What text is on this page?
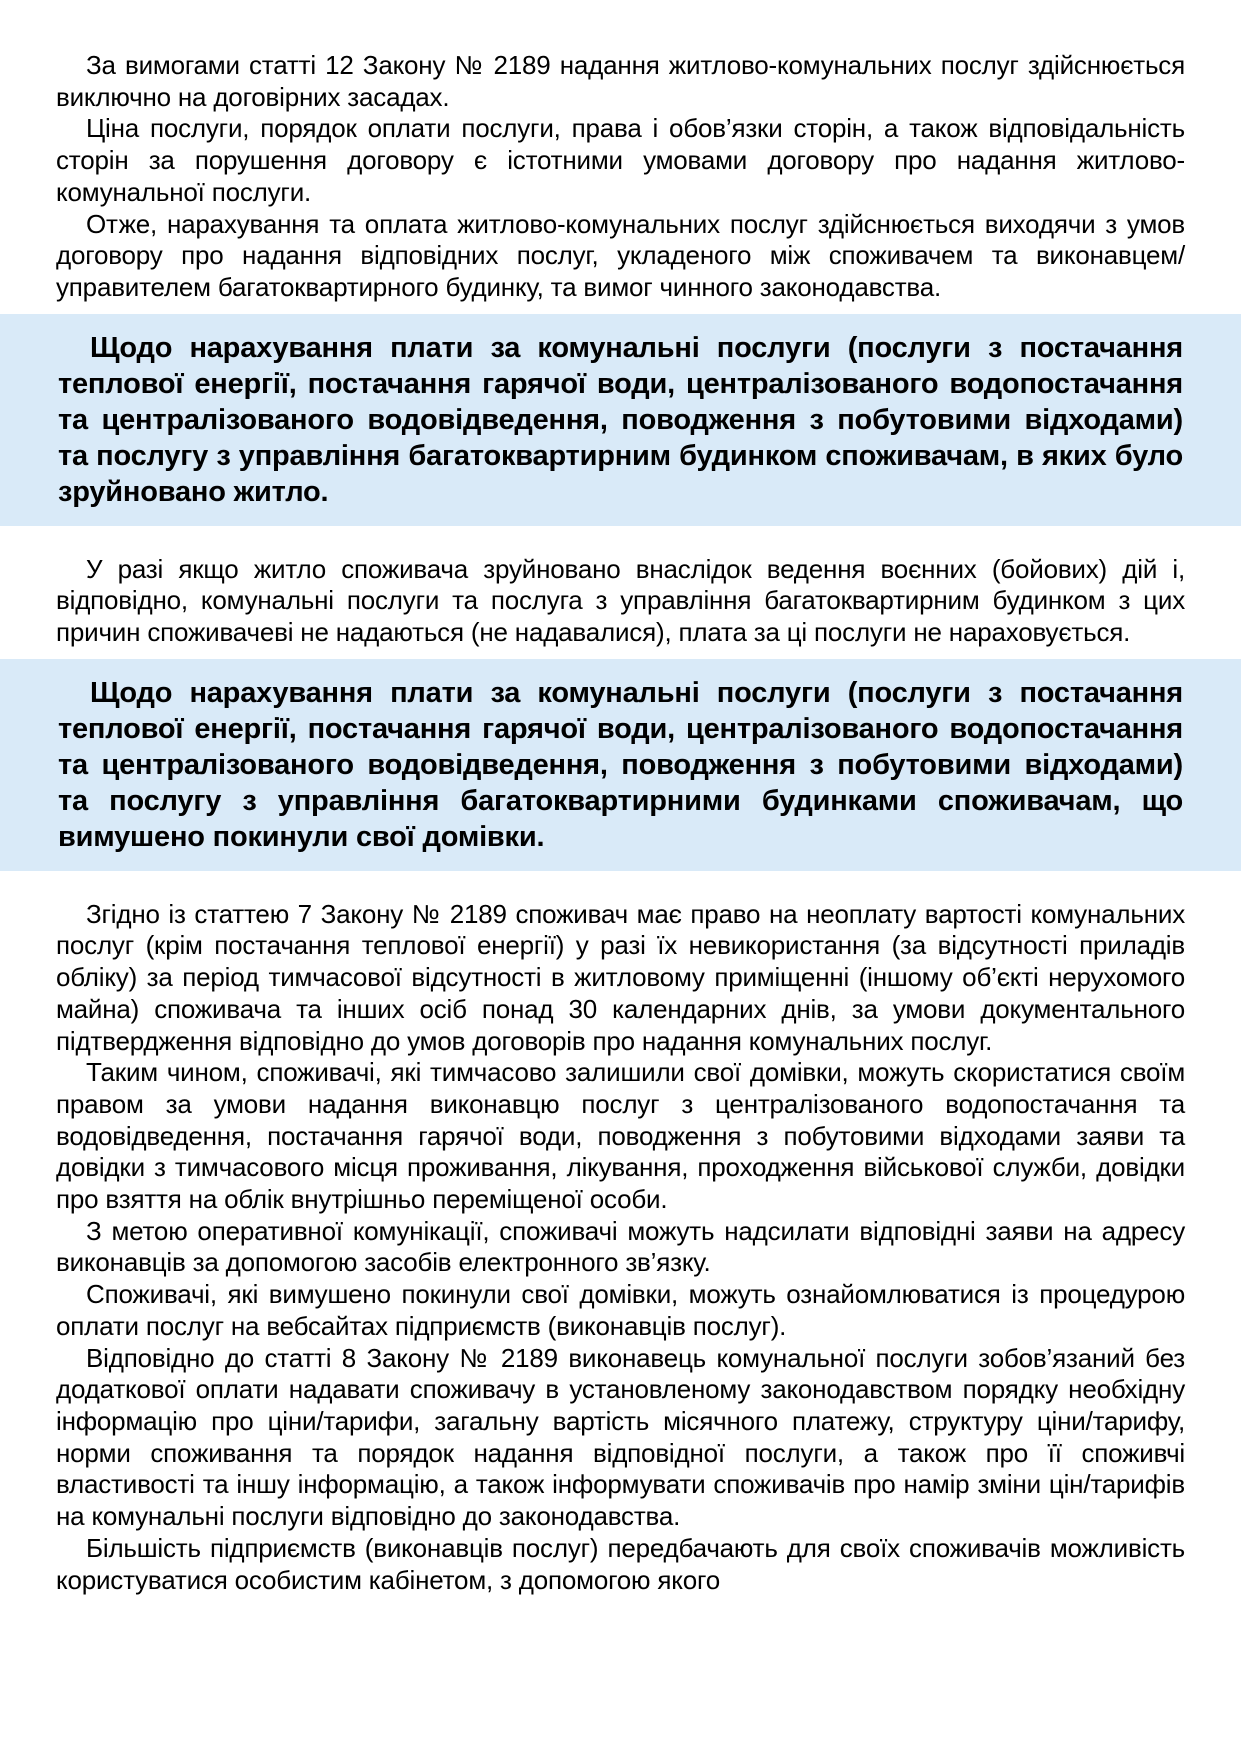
За вимогами статті 12 Закону № 2189 надання житлово-комунальних послуг здійснюється виключно на договірних засадах.

Ціна послуги, порядок оплати послуги, права і обов’язки сторін, а також відповідальність сторін за порушення договору є істотними умовами договору про надання житлово-комунальної послуги.

Отже, нарахування та оплата житлово-комунальних послуг здійснюється виходячи з умов договору про надання відповідних послуг, укладеного між споживачем та виконавцем/управителем багатоквартирного будинку, та вимог чинного законодавства.

Щодо нарахування плати за комунальні послуги (послуги з постачання теплової енергії, постачання гарячої води, централізованого водопостачання та централізованого водовідведення, поводження з побутовими відходами) та послугу з управління багатоквартирним будинком споживачам, в яких було зруйновано житло.

У разі якщо житло споживача зруйновано внаслідок ведення воєнних (бойових) дій і, відповідно, комунальні послуги та послуга з управління багатоквартирним будинком з цих причин споживачеві не надаються (не надавалися), плата за ці послуги не нараховується.

Щодо нарахування плати за комунальні послуги (послуги з постачання теплової енергії, постачання гарячої води, централізованого водопостачання та централізованого водовідведення, поводження з побутовими відходами) та послугу з управління багатоквартирними будинками споживачам, що вимушено покинули свої домівки.

Згідно із статтею 7 Закону № 2189 споживач має право на неоплату вартості комунальних послуг (крім постачання теплової енергії) у разі їх невикористання (за відсутності приладів обліку) за період тимчасової відсутності в житловому приміщенні (іншому об’єкті нерухомого майна) споживача та інших осіб понад 30 календарних днів, за умови документального підтвердження відповідно до умов договорів про надання комунальних послуг.

Таким чином, споживачі, які тимчасово залишили свої домівки, можуть скористатися своїм правом за умови надання виконавцю послуг з централізованого водопостачання та водовідведення, постачання гарячої води, поводження з побутовими відходами заяви та довідки з тимчасового місця проживання, лікування, проходження військової служби, довідки про взяття на облік внутрішньо переміщеної особи.

З метою оперативної комунікації, споживачі можуть надсилати відповідні заяви на адресу виконавців за допомогою засобів електронного зв’язку.

Споживачі, які вимушено покинули свої домівки, можуть ознайомлюватися із процедурою оплати послуг на вебсайтах підприємств (виконавців послуг).

Відповідно до статті 8 Закону № 2189 виконавець комунальної послуги зобов’язаний без додаткової оплати надавати споживачу в установленому законодавством порядку необхідну інформацію про ціни/тарифи, загальну вартість місячного платежу, структуру ціни/тарифу, норми споживання та порядок надання відповідної послуги, а також про її споживчі властивості та іншу інформацію, а також інформувати споживачів про намір зміни цін/тарифів на комунальні послуги відповідно до законодавства.

Більшість підприємств (виконавців послуг) передбачають для своїх споживачів можливість користуватися особистим кабінетом, з допомогою якого
